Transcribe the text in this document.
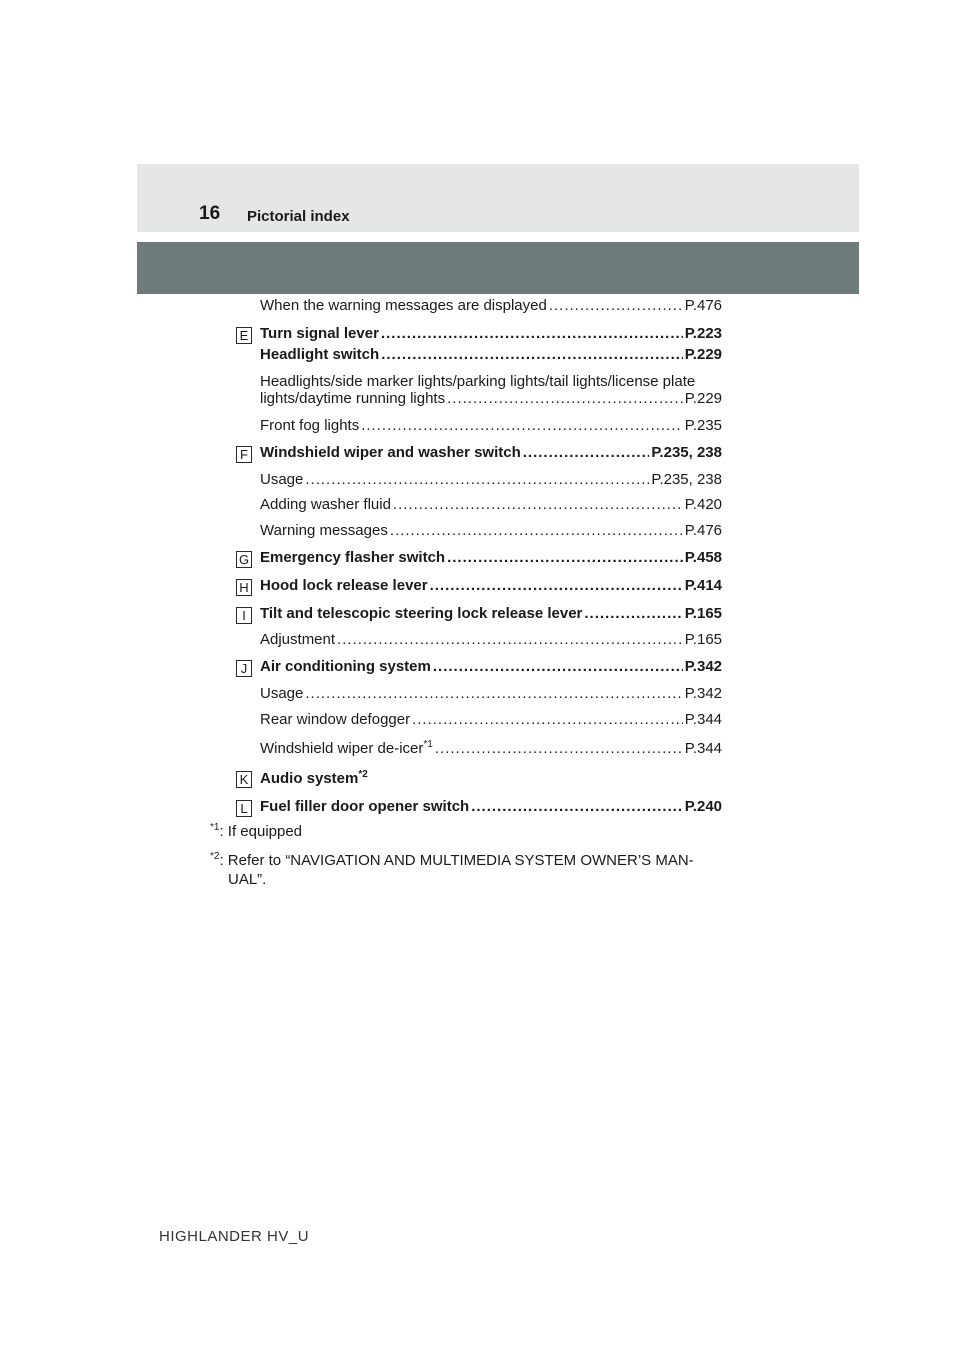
16 Pictorial index
When the warning messages are displayed .....	P.476
E Turn signal lever .....	P.223
Headlight switch .....	P.229
Headlights/side marker lights/parking lights/tail lights/license plate
lights/daytime running lights .....	P.229
Front fog lights .....	P.235
F Windshield wiper and washer switch .....	P.235, 238
Usage .....	P.235, 238
Adding washer fluid .....	P.420
Warning messages .....	P.476
G Emergency flasher switch .....	P.458
H Hood lock release lever .....	P.414
I Tilt and telescopic steering lock release lever .....	P.165
Adjustment .....	P.165
J Air conditioning system .....	P.342
Usage .....	P.342
Rear window defogger .....	P.344
Windshield wiper de-icer$^{*1}$ .....	P.344
K Audio system$^{*2}$
L Fuel filler door opener switch .....	P.240
$^{*1}$: If equipped
$^{*2}$: Refer to “NAVIGATION AND MULTIMEDIA SYSTEM OWNER’S MAN-
UAL”.
HIGHLANDER HV_U
